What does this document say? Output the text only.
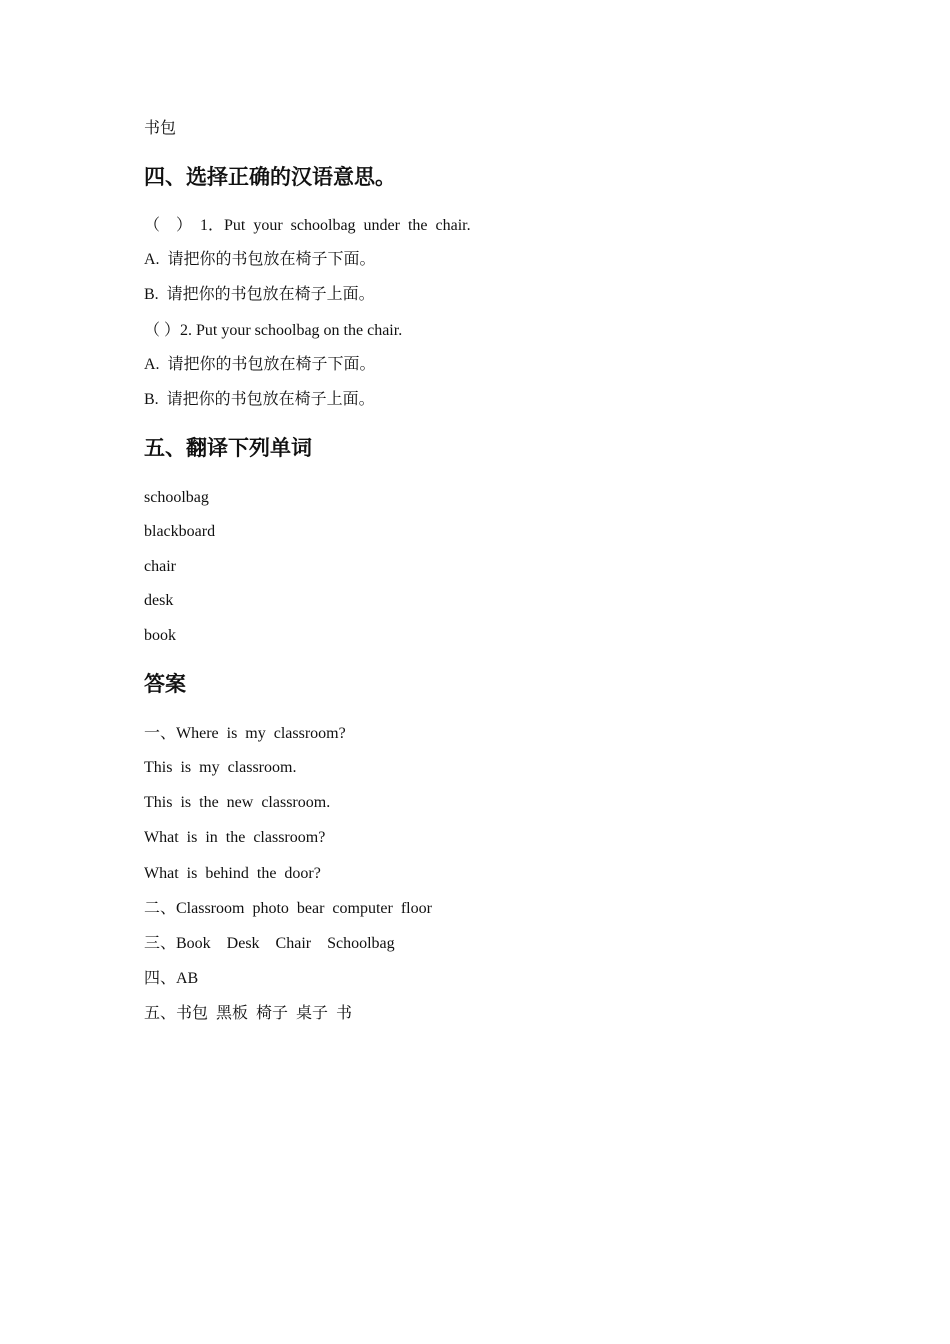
书包
四、选择正确的汉语意思。
（　）  1．Put  your  schoolbag  under  the  chair.
A.  请把你的书包放在椅子下面。
B.  请把你的书包放在椅子上面。
（ ）2. Put your schoolbag on the chair.
A.  请把你的书包放在椅子下面。
B.  请把你的书包放在椅子上面。
五、翻译下列单词
schoolbag
blackboard
chair
desk
book
答案
一、Where  is  my  classroom?
This  is  my  classroom.
This  is  the  new  classroom.
What  is  in  the  classroom?
What  is  behind  the  door?
二、Classroom  photo  bear  computer  floor
三、Book    Desk    Chair    Schoolbag
四、AB
五、书包  黑板  椅子  桌子  书
